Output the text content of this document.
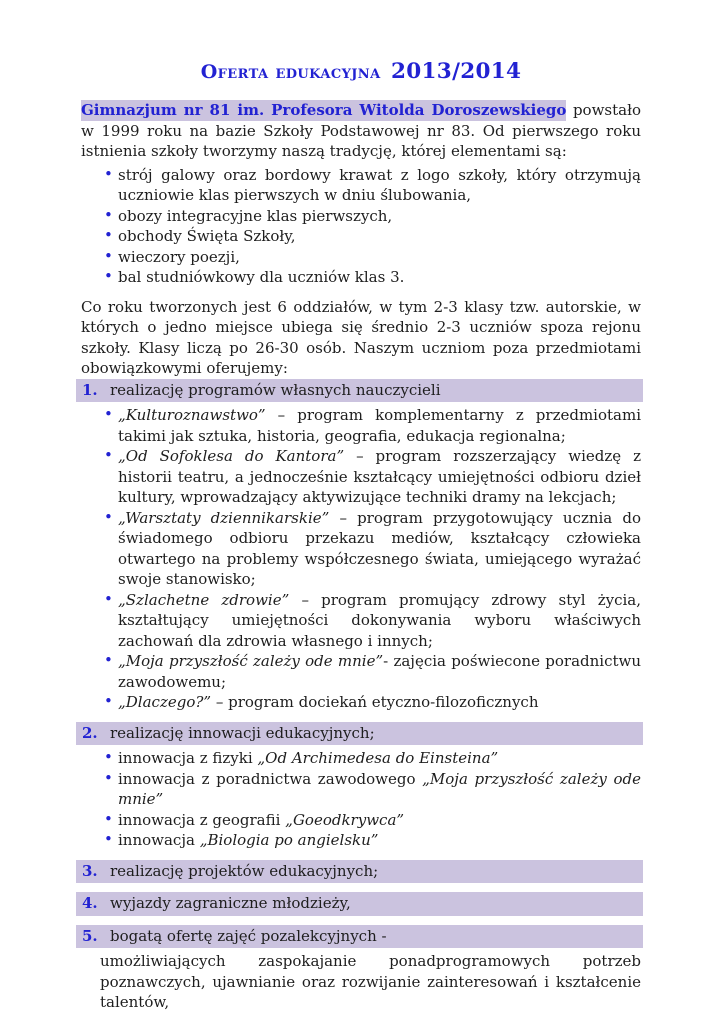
Oferta edukacyjna 2013/2014

Gimnazjum nr 81 im. Profesora Witolda Doroszewskiego powstało w 1999 roku na bazie Szkoły Podstawowej nr 83. Od pierwszego roku istnienia szkoły tworzymy naszą tradycję, której elementami są:

• strój galowy oraz bordowy krawat z logo szkoły, który otrzymują uczniowie klas pierwszych w dniu ślubowania,
• obozy integracyjne klas pierwszych,
• obchody Święta Szkoły,
• wieczory poezji,
• bal studniówkowy dla uczniów klas 3.

Co roku tworzonych jest 6 oddziałów, w tym 2-3 klasy tzw. autorskie, w których o jedno miejsce ubiega się średnio 2-3 uczniów spoza rejonu szkoły. Klasy liczą po 26-30 osób. Naszym uczniom poza przedmiotami obowiązkowymi oferujemy:

1. realizację programów własnych nauczycieli
• „Kulturoznawstwo” – program komplementarny z przedmiotami takimi jak sztuka, historia, geografia, edukacja regionalna;
• „Od Sofoklesa do Kantora” – program rozszerzający wiedzę z historii teatru, a jednocześnie kształcący umiejętności odbioru dzieł kultury, wprowadzający aktywizujące techniki dramy na lekcjach;
• „Warsztaty dziennikarskie” – program przygotowujący ucznia do świadomego odbioru przekazu mediów, kształcący człowieka otwartego na problemy współczesnego świata, umiejącego wyrażać swoje stanowisko;
• „Szlachetne zdrowie” – program promujący zdrowy styl życia, kształtujący umiejętności dokonywania wyboru właściwych zachowań dla zdrowia własnego i innych;
• „Moja przyszłość zależy ode mnie”- zajęcia poświecone poradnictwu zawodowemu;
• „Dlaczego?” – program dociekań etyczno-filozoficznych
2. realizację innowacji edukacyjnych;
• innowacja z fizyki „Od Archimedesa do Einsteina”
• innowacja z poradnictwa zawodowego „Moja przyszłość zależy ode mnie”
• innowacja z geografii „Goeodkrywca”
• innowacja „Biologia po angielsku”
3. realizację projektów edukacyjnych;
4. wyjazdy zagraniczne młodzieży,
5. bogatą ofertę zajęć pozalekcyjnych -
umożliwiających zaspokajanie ponadprogramowych potrzeb poznawczych, ujawnianie oraz rozwijanie zainteresowań i kształcenie talentów,
